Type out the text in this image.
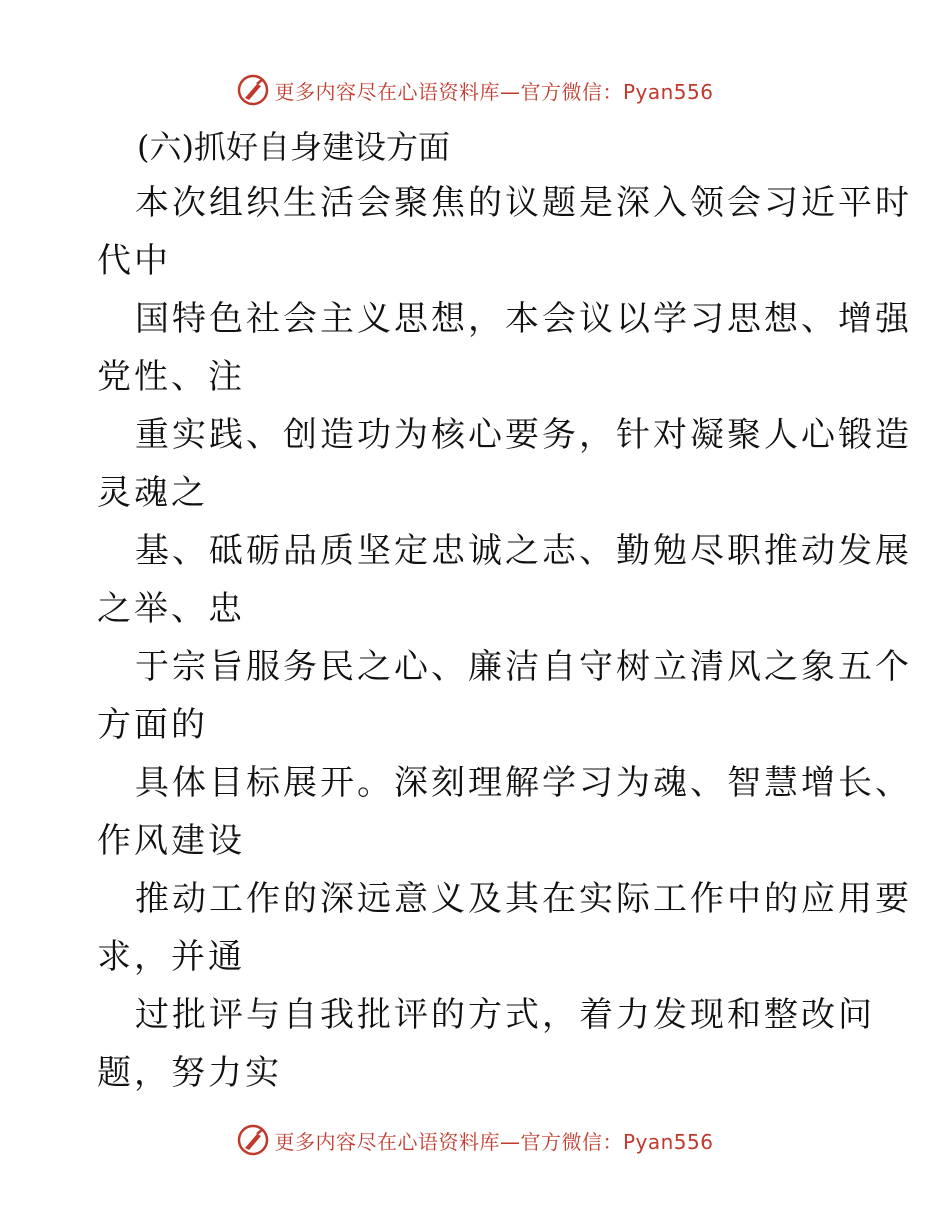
更多内容尽在心语资料库—官方微信：Pyan556
(六)抓好自身建设方面

本次组织生活会聚焦的议题是深入领会习近平时

代中

国特色社会主义思想，本会议以学习思想、增强

党性、注

重实践、创造功为核心要务，针对凝聚人心锻造

灵魂之

基、砥砺品质坚定忠诚之志、勤勉尽职推动发展

之举、忠

于宗旨服务民之心、廉洁自守树立清风之象五个

方面的

具体目标展开。深刻理解学习为魂、智慧增长、

作风建设

推动工作的深远意义及其在实际工作中的应用要

求，并通

过批评与自我批评的方式，着力发现和整改问

题，努力实

更多内容尽在心语资料库—官方微信：Pyan556
